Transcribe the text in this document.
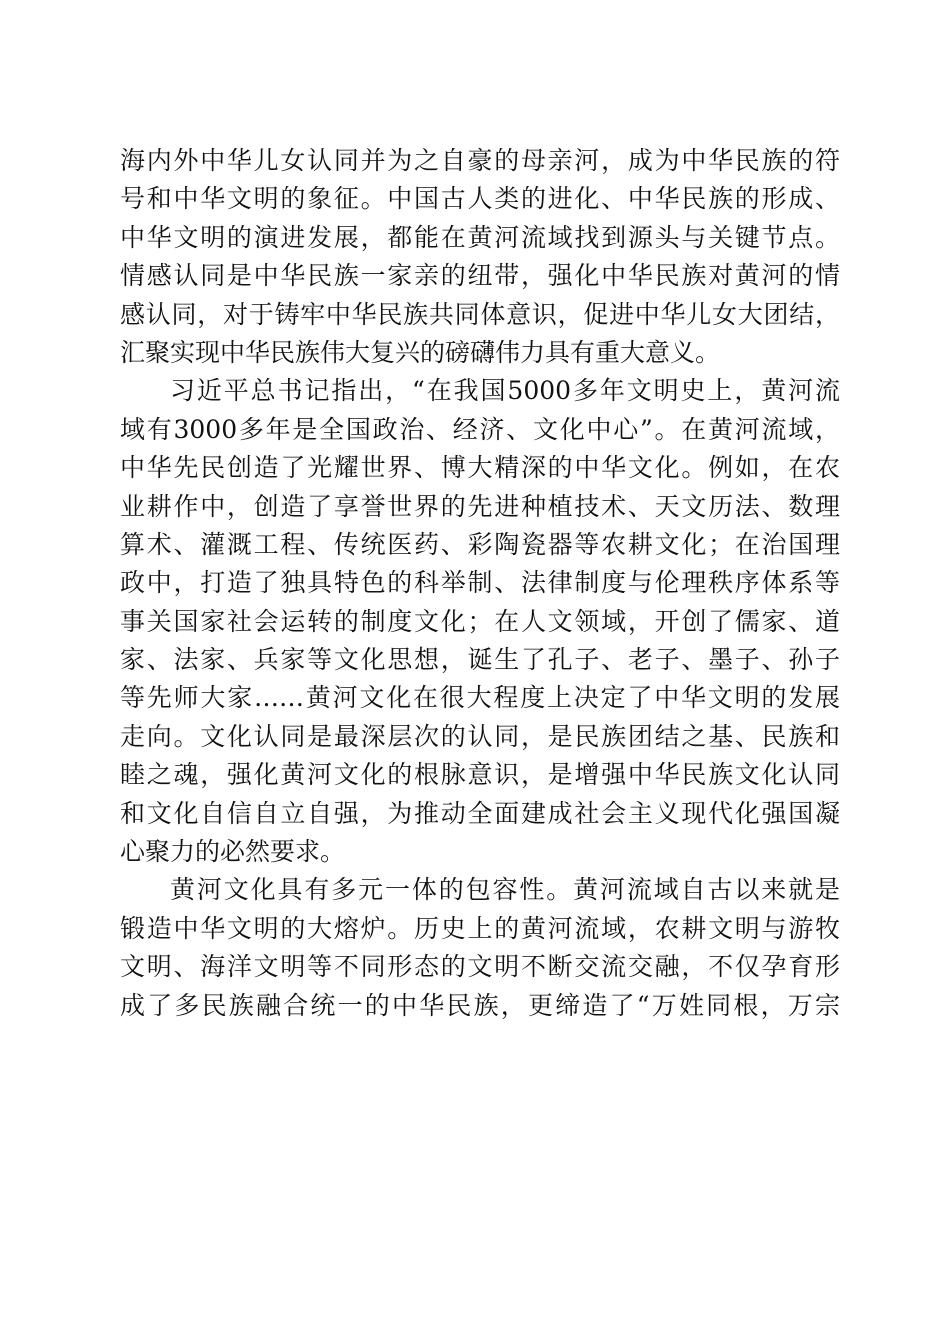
海内外中华儿女认同并为之自豪的母亲河，成为中华民族的符
号和中华文明的象征。中国古人类的进化、中华民族的形成、
中华文明的演进发展，都能在黄河流域找到源头与关键节点。
情感认同是中华民族一家亲的纽带，强化中华民族对黄河的情
感认同，对于铸牢中华民族共同体意识，促进中华儿女大团结，
汇聚实现中华民族伟大复兴的磅礴伟力具有重大意义。
习近平总书记指出，“在我国5000多年文明史上，黄河流
域有3000多年是全国政治、经济、文化中心”。在黄河流域，
中华先民创造了光耀世界、博大精深的中华文化。例如，在农
业耕作中，创造了享誉世界的先进种植技术、天文历法、数理
算术、灌溉工程、传统医药、彩陶瓷器等农耕文化；在治国理
政中，打造了独具特色的科举制、法律制度与伦理秩序体系等
事关国家社会运转的制度文化；在人文领域，开创了儒家、道
家、法家、兵家等文化思想，诞生了孔子、老子、墨子、孙子
等先师大家……黄河文化在很大程度上决定了中华文明的发展
走向。文化认同是最深层次的认同，是民族团结之基、民族和
睦之魂，强化黄河文化的根脉意识，是增强中华民族文化认同
和文化自信自立自强，为推动全面建成社会主义现代化强国凝
心聚力的必然要求。
黄河文化具有多元一体的包容性。黄河流域自古以来就是
锻造中华文明的大熔炉。历史上的黄河流域，农耕文明与游牧
文明、海洋文明等不同形态的文明不断交流交融，不仅孕育形
成了多民族融合统一的中华民族，更缔造了“万姓同根，万宗
